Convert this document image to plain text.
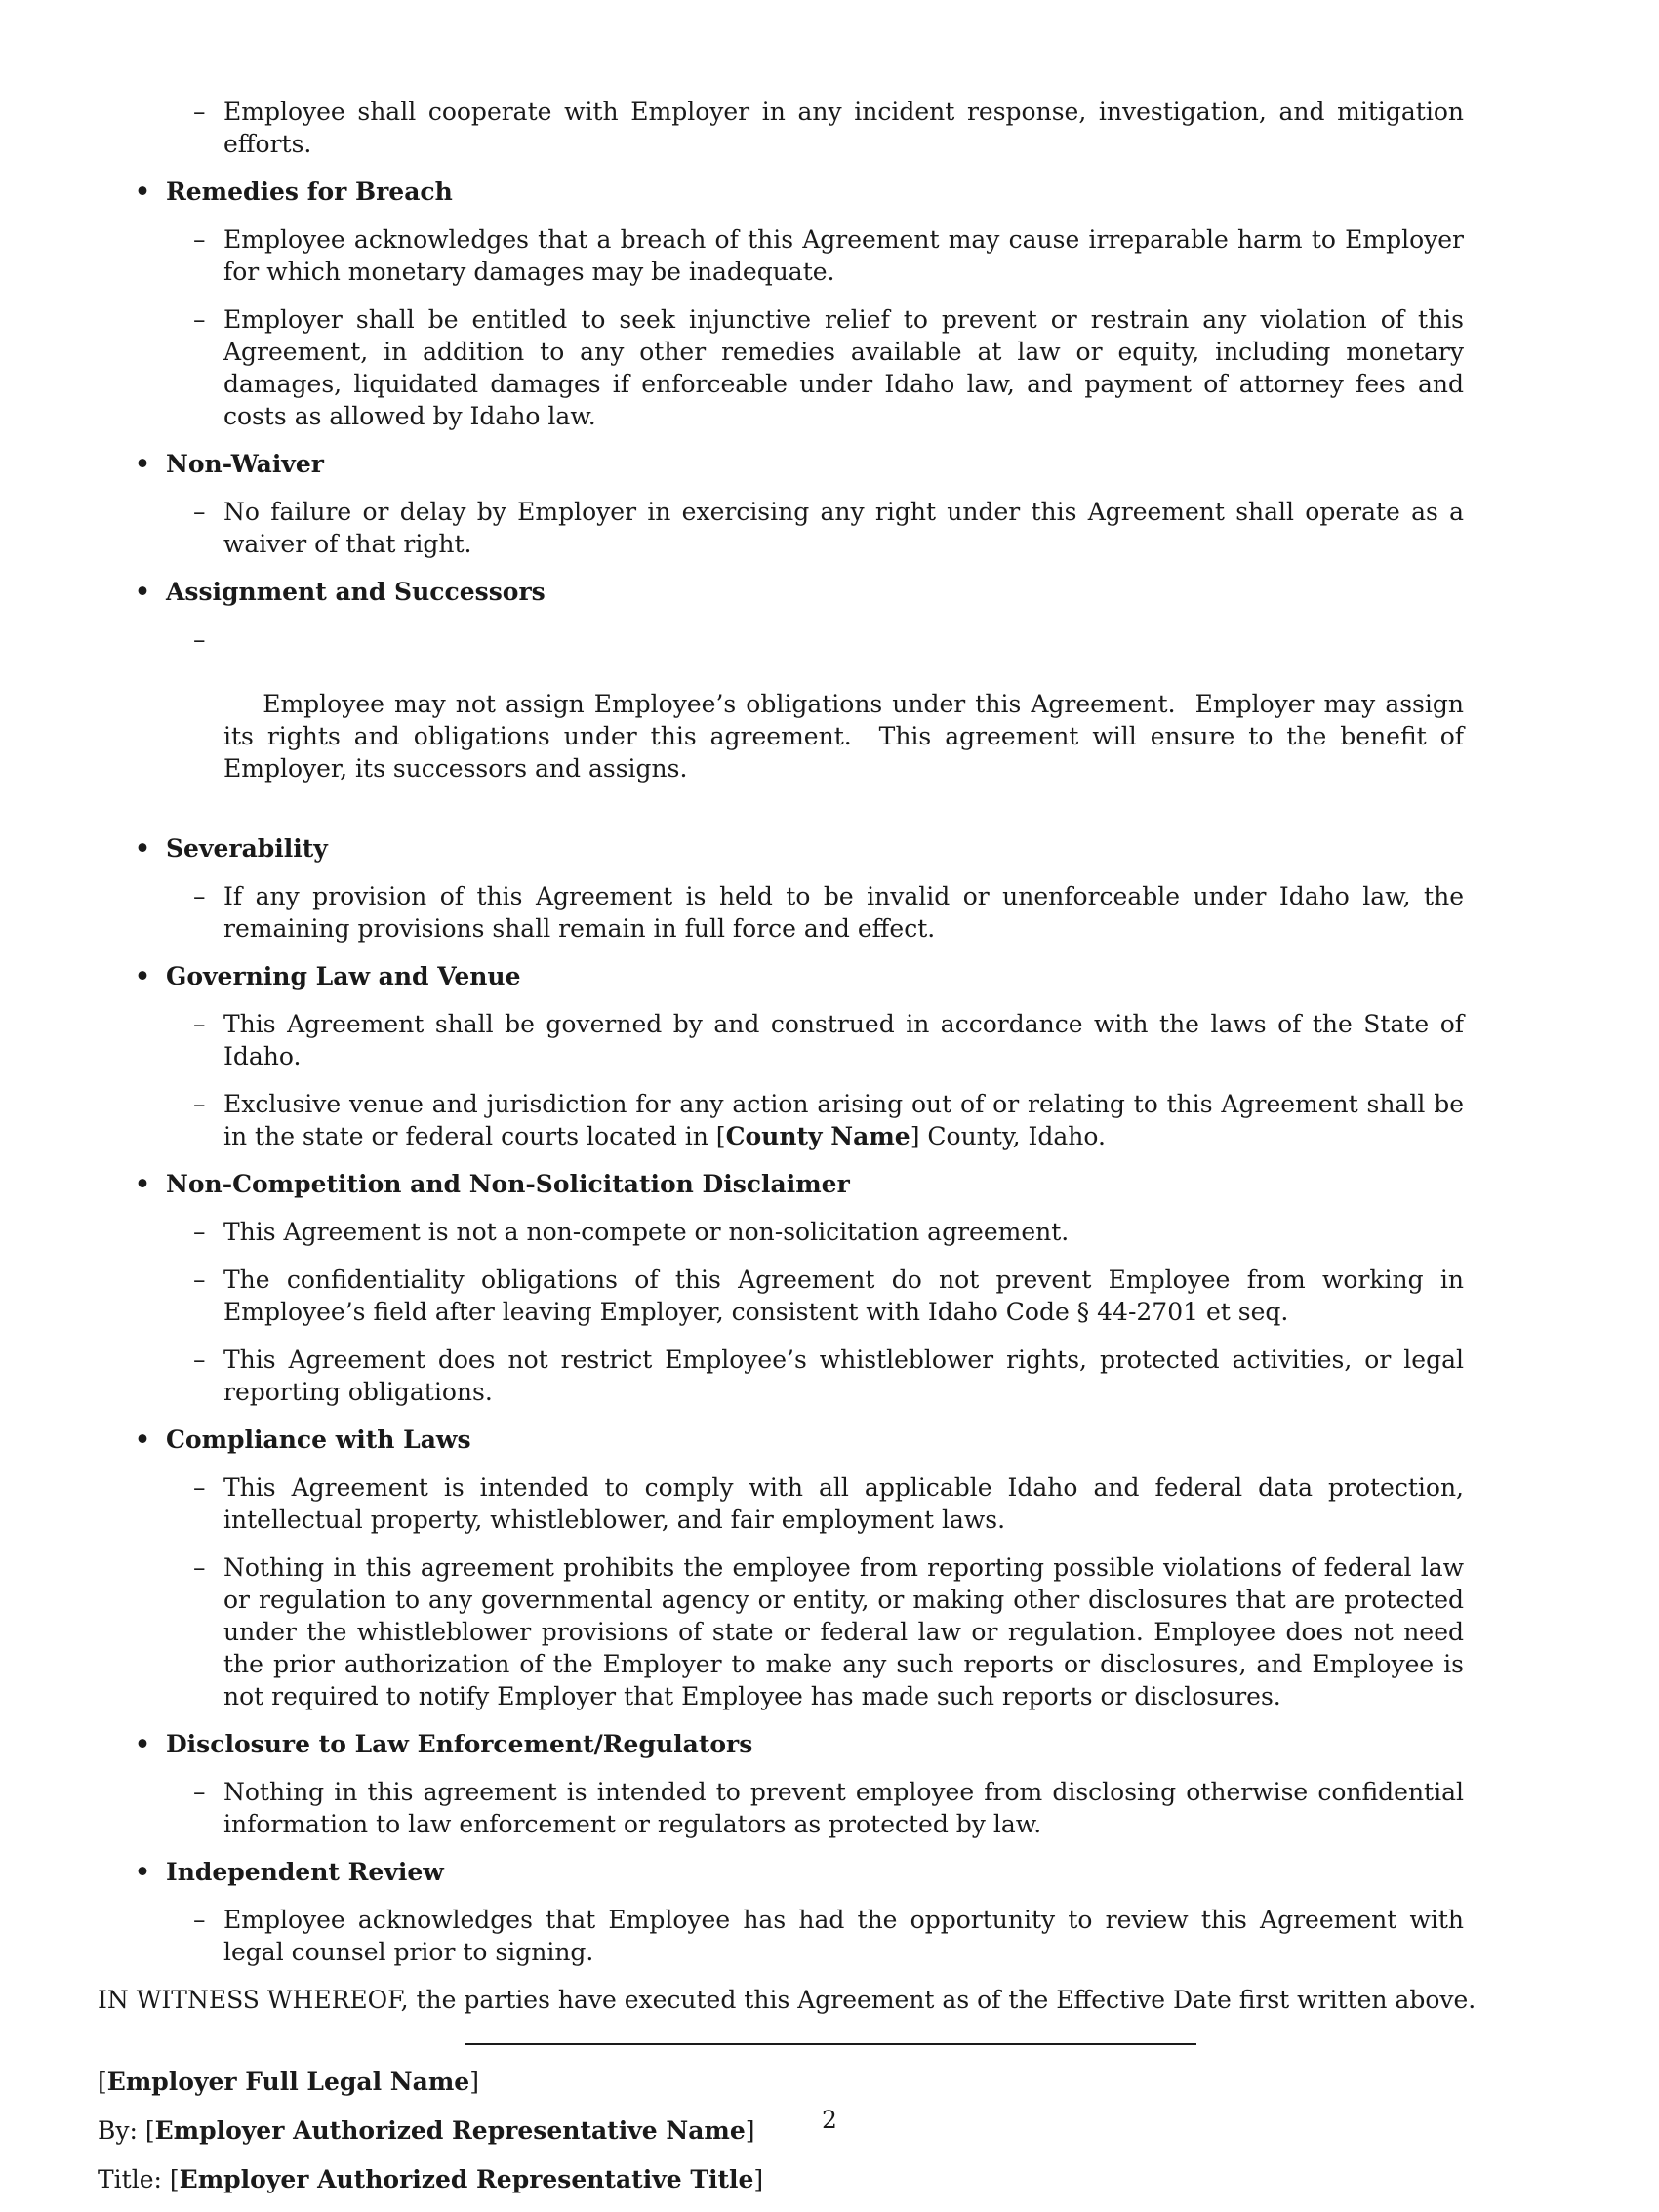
– Employee shall cooperate with Employer in any incident response, investigation, and mitigation efforts.
• Remedies for Breach
– Employee acknowledges that a breach of this Agreement may cause irreparable harm to Employer for which monetary damages may be inadequate.
– Employer shall be entitled to seek injunctive relief to prevent or restrain any violation of this Agreement, in addition to any other remedies available at law or equity, including monetary damages, liquidated damages if enforceable under Idaho law, and payment of attorney fees and costs as allowed by Idaho law.
• Non-Waiver
– No failure or delay by Employer in exercising any right under this Agreement shall operate as a waiver of that right.
• Assignment and Successors

–

Employee may not assign Employee’s obligations under this Agreement.  Employer may assign its rights and obligations under this agreement.  This agreement will ensure to the benefit of Employer, its successors and assigns.

• Severability
– If any provision of this Agreement is held to be invalid or unenforceable under Idaho law, the remaining provisions shall remain in full force and effect.
• Governing Law and Venue
– This Agreement shall be governed by and construed in accordance with the laws of the State of Idaho.
– Exclusive venue and jurisdiction for any action arising out of or relating to this Agreement shall be in the state or federal courts located in [County Name] County, Idaho.
• Non-Competition and Non-Solicitation Disclaimer
– This Agreement is not a non-compete or non-solicitation agreement.
– The confidentiality obligations of this Agreement do not prevent Employee from working in Employee’s field after leaving Employer, consistent with Idaho Code § 44-2701 et seq.
– This Agreement does not restrict Employee’s whistleblower rights, protected activities, or legal reporting obligations.
• Compliance with Laws
– This Agreement is intended to comply with all applicable Idaho and federal data protection, intellectual property, whistleblower, and fair employment laws.
– Nothing in this agreement prohibits the employee from reporting possible violations of federal law or regulation to any governmental agency or entity, or making other disclosures that are protected under the whistleblower provisions of state or federal law or regulation. Employee does not need the prior authorization of the Employer to make any such reports or disclosures, and Employee is not required to notify Employer that Employee has made such reports or disclosures.
• Disclosure to Law Enforcement/Regulators
– Nothing in this agreement is intended to prevent employee from disclosing otherwise confidential information to law enforcement or regulators as protected by law.
• Independent Review
– Employee acknowledges that Employee has had the opportunity to review this Agreement with legal counsel prior to signing.
IN WITNESS WHEREOF, the parties have executed this Agreement as of the Effective Date first written above.
[Employer Full Legal Name]
By: [Employer Authorized Representative Name]
Title: [Employer Authorized Representative Title]
2
